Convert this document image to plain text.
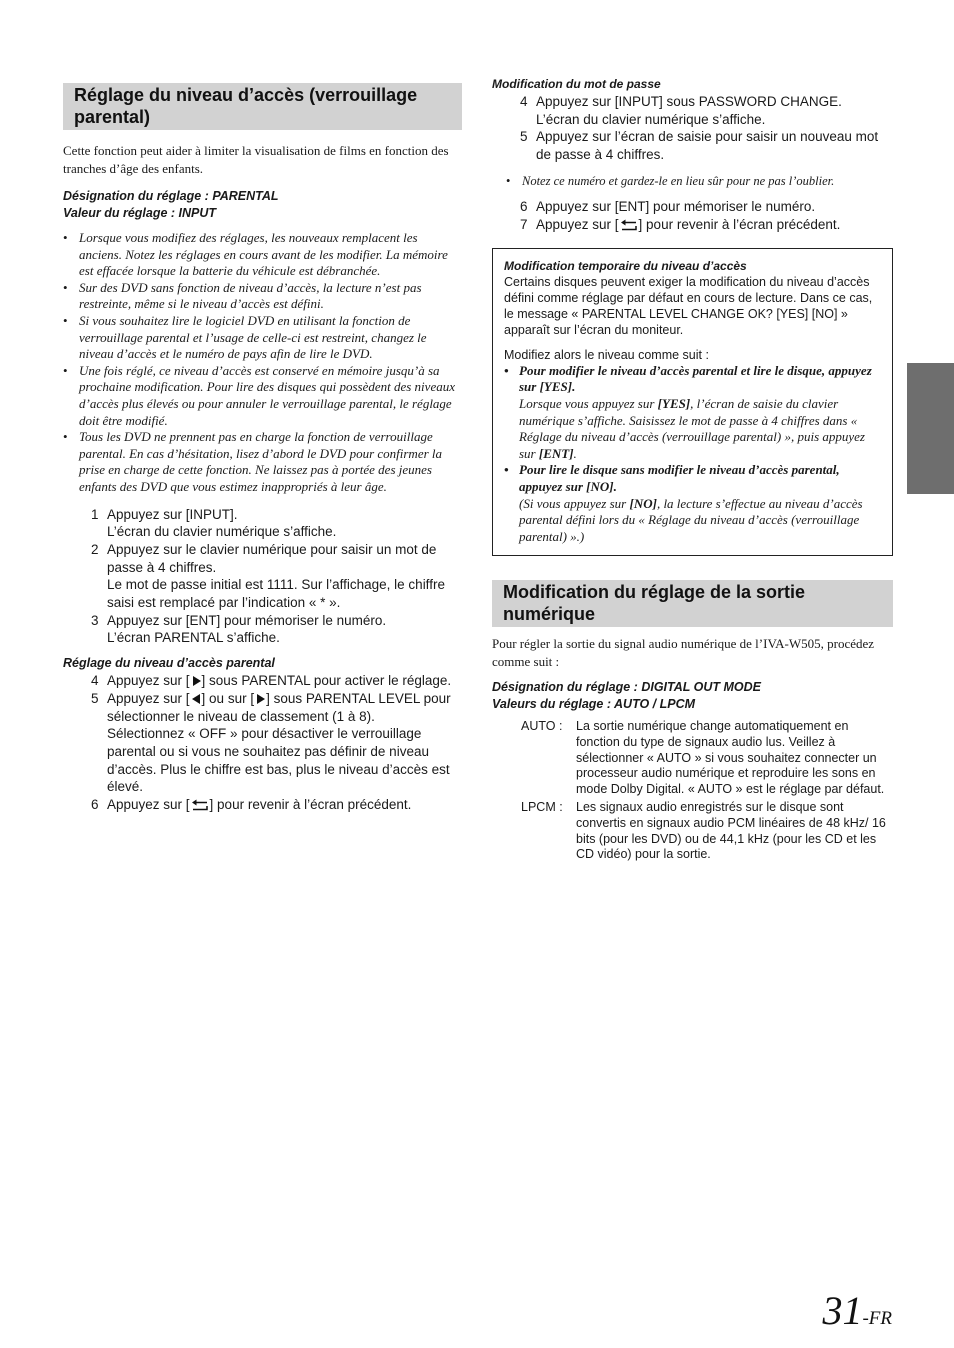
Réglage du niveau d’accès (verrouillage parental)

Cette fonction peut aider à limiter la visualisation de films en fonction des tranches d’âge des enfants.

Désignation du réglage : PARENTAL

Valeur du réglage : INPUT

• Lorsque vous modifiez des réglages, les nouveaux remplacent les anciens. Notez les réglages en cours avant de les modifier. La mémoire est effacée lorsque la batterie du véhicule est débranchée.
• Sur des DVD sans fonction de niveau d’accès, la lecture n’est pas restreinte, même si le niveau d’accès est défini.
• Si vous souhaitez lire le logiciel DVD en utilisant la fonction de verrouillage parental et l’usage de celle-ci est restreint, changez le niveau d’accès et le numéro de pays afin de lire le DVD.
• Une fois réglé, ce niveau d’accès est conservé en mémoire jusqu’à sa prochaine modification. Pour lire des disques qui possèdent des niveaux d’accès plus élevés ou pour annuler le verrouillage parental, le réglage doit être modifié.
• Tous les DVD ne prennent pas en charge la fonction de verrouillage parental. En cas d’hésitation, lisez d’abord le DVD pour confirmer la prise en charge de cette fonction. Ne laissez pas à portée des jeunes enfants des DVD que vous estimez inappropriés à leur âge.
1 Appuyez sur [INPUT].
L’écran du clavier numérique s’affiche.
2 Appuyez sur le clavier numérique pour saisir un mot de passe à 4 chiffres.
Le mot de passe initial est 1111. Sur l’affichage, le chiffre saisi est remplacé par l’indication « * ».
3 Appuyez sur [ENT] pour mémoriser le numéro.
L’écran PARENTAL s’affiche.

Réglage du niveau d’accès parental

4 Appuyez sur [ ] sous PARENTAL pour activer le réglage.
5 Appuyez sur [ ] ou sur [ ] sous PARENTAL LEVEL pour sélectionner le niveau de classement (1 à 8).
Sélectionnez « OFF » pour désactiver le verrouillage parental ou si vous ne souhaitez pas définir de niveau d’accès. Plus le chiffre est bas, plus le niveau d’accès est élevé.
6 Appuyez sur [ ] pour revenir à l’écran précédent.

Modification du mot de passe

4 Appuyez sur [INPUT] sous PASSWORD CHANGE.
L’écran du clavier numérique s’affiche.
5 Appuyez sur l’écran de saisie pour saisir un nouveau mot de passe à 4 chiffres.
• Notez ce numéro et gardez-le en lieu sûr pour ne pas l’oublier.
6 Appuyez sur [ENT] pour mémoriser le numéro.
7 Appuyez sur [ ] pour revenir à l’écran précédent.

Modification temporaire du niveau d’accès

Certains disques peuvent exiger la modification du niveau d’accès défini comme réglage par défaut en cours de lecture. Dans ce cas, le message « PARENTAL LEVEL CHANGE OK? [YES] [NO] » apparaît sur l’écran du moniteur.

Modifiez alors le niveau comme suit :

• Pour modifier le niveau d’accès parental et lire le disque, appuyez sur [YES].
Lorsque vous appuyez sur [YES], l’écran de saisie du clavier numérique s’affiche. Saisissez le mot de passe à 4 chiffres dans « Réglage du niveau d’accès (verrouillage parental) », puis appuyez sur [ENT].
• Pour lire le disque sans modifier le niveau d’accès parental, appuyez sur [NO].
(Si vous appuyez sur [NO], la lecture s’effectue au niveau d’accès parental défini lors du « Réglage du niveau d’accès (verrouillage parental) ».)
Modification du réglage de la sortie numérique

Pour régler la sortie du signal audio numérique de l’IVA-W505, procédez comme suit :

Désignation du réglage : DIGITAL OUT MODE

Valeurs du réglage : AUTO / LPCM

AUTO :	La sortie numérique change automatiquement en fonction du type de signaux audio lus. Veillez à sélectionner « AUTO » si vous souhaitez connecter un processeur audio numérique et reproduire les sons en mode Dolby Digital. « AUTO » est le réglage par défaut.
LPCM :	Les signaux audio enregistrés sur le disque sont convertis en signaux audio PCM linéaires de 48 kHz/ 16 bits (pour les DVD) ou de 44,1 kHz (pour les CD et les CD vidéo) pour la sortie.
31-FR
